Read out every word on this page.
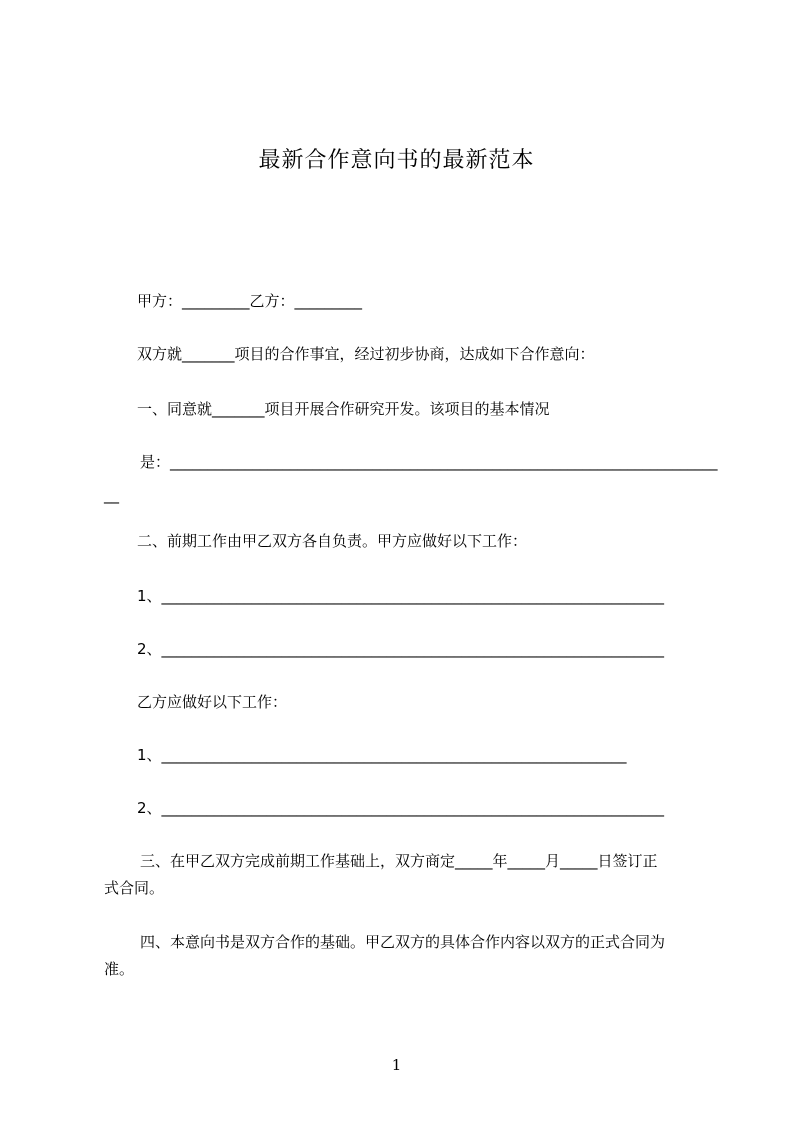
最新合作意向书的最新范本
甲方：_________乙方：_________
双方就_______项目的合作事宜，经过初步协商，达成如下合作意向：
一、同意就_______项目开展合作研究开发。该项目的基本情况
是：_________________________________________________________________________
__
二、前期工作由甲乙双方各自负责。甲方应做好以下工作：
1、___________________________________________________________________
2、___________________________________________________________________
乙方应做好以下工作：
1、______________________________________________________________
2、___________________________________________________________________
三、在甲乙双方完成前期工作基础上，双方商定_____年_____月_____日签订正
式合同。
四、本意向书是双方合作的基础。甲乙双方的具体合作内容以双方的正式合同为
准。
1
